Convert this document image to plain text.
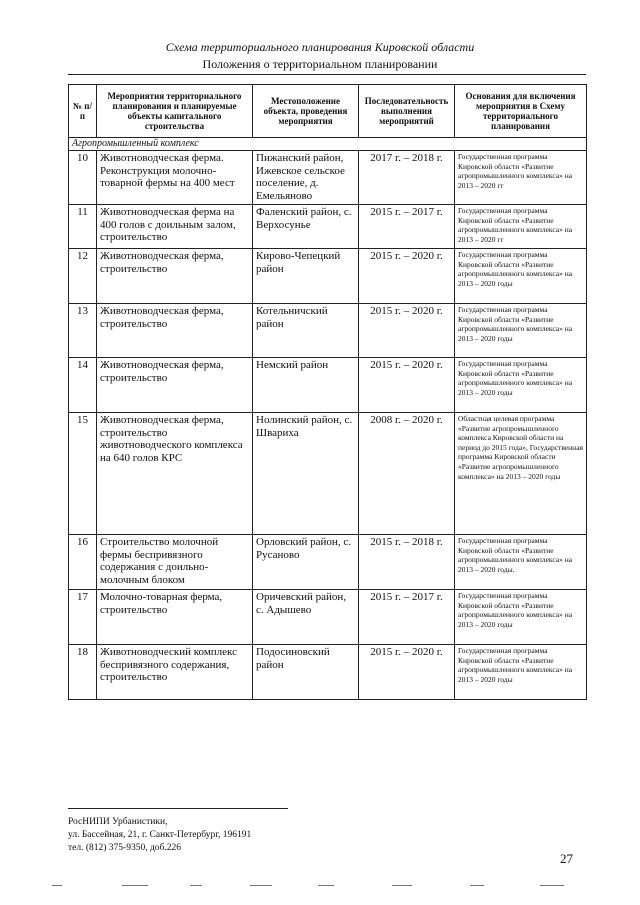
Схема территориального планирования Кировской области
Положения о территориальном планировании
№ п/п	Мероприятия территориального планирования и планируемые объекты капитального строительства	Местоположение объекта, проведения мероприятия	Последовательность выполнения мероприятий	Основания для включения мероприятия в Схему территориального планирования
Агропромышленный комплекс				
10	Животноводческая ферма. Реконструкция молочно-товарной фермы на 400 мест	Пижанский район, Ижевское сельское поселение, д. Емельяново	2017 г. – 2018 г.	Государственная программа Кировской области «Развитие агропромышленного комплекса» на 2013 – 2020 гг
11	Животноводческая ферма на 400 голов с доильным залом, строительство	Фаленский район, с. Верхосунье	2015 г. – 2017 г.	Государственная программа Кировской области «Развитие агропромышленного комплекса» на 2013 – 2020 гг
12	Животноводческая ферма, строительство	Кирово-Чепецкий район	2015 г. – 2020 г.	Государственная программа Кировской области «Развитие агропромышленного комплекса» на 2013 – 2020 годы
13	Животноводческая ферма, строительство	Котельничский район	2015 г. – 2020 г.	Государственная программа Кировской области «Развитие агропромышленного комплекса» на 2013 – 2020 годы
14	Животноводческая ферма, строительство	Немский район	2015 г. – 2020 г.	Государственная программа Кировской области «Развитие агропромышленного комплекса» на 2013 – 2020 годы
15	Животноводческая ферма, строительство животноводческого комплекса на 640 голов КРС	Нолинский район, с. Швариха	2008 г. – 2020 г.	Областная целевая программа «Развитие агропромышленного комплекса Кировской области на период до 2015 года», Государственная программа Кировской области «Развитие агропромышленного комплекса» на 2013 – 2020 годы
16	Строительство молочной фермы беспривязного содержания с доильно-молочным блоком	Орловский район, с. Русаново	2015 г. – 2018 г.	Государственная программа Кировской области «Развитие агропромышленного комплекса» на 2013 – 2020 годы.
17	Молочно-товарная ферма, строительство	Оричевский район, с. Адышево	2015 г. – 2017 г.	Государственная программа Кировской области «Развитие агропромышленного комплекса» на 2013 – 2020 годы
18	Животноводческий комплекс беспривязного содержания, строительство	Подосиновский район	2015 г. – 2020 г.	Государственная программа Кировской области «Развитие агропромышленного комплекса» на 2013 – 2020 годы
РосНИПИ Урбанистики,
ул. Бассейная, 21, г. Санкт-Петербург, 196191
тел. (812) 375-9350, доб.226
27
